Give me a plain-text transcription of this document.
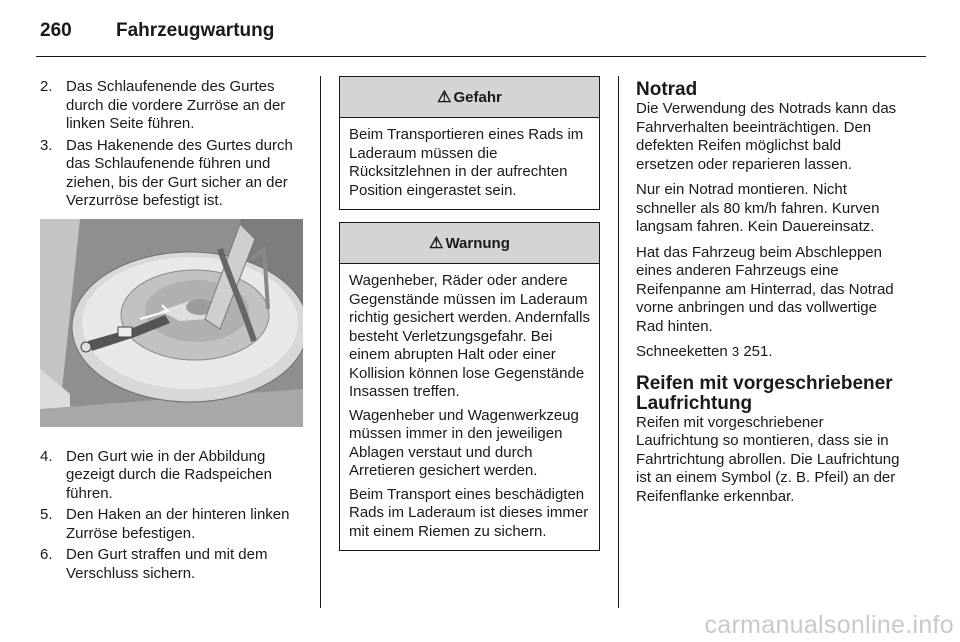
260	Fahrzeugwartung
2. Das Schlaufenende des Gurtes durch die vordere Zurröse an der linken Seite führen.
3. Das Hakenende des Gurtes durch das Schlaufenende führen und ziehen, bis der Gurt sicher an der Verzurröse befestigt ist.
4. Den Gurt wie in der Abbildung gezeigt durch die Radspeichen führen.
5. Den Haken an der hinteren linken Zurröse befestigen.
6. Den Gurt straffen und mit dem Verschluss sichern.
⚠ Gefahr

Beim Transportieren eines Rads im Laderaum müssen die Rücksitzlehnen in der aufrechten Position eingerastet sein.

⚠ Warnung

Wagenheber, Räder oder andere Gegenstände müssen im Laderaum richtig gesichert werden. Andernfalls besteht Verletzungsgefahr. Bei einem abrupten Halt oder einer Kollision können lose Gegenstände Insassen treffen.

Wagenheber und Wagenwerkzeug müssen immer in den jeweiligen Ablagen verstaut und durch Arretieren gesichert werden.

Beim Transport eines beschädigten Rads im Laderaum ist dieses immer mit einem Riemen zu sichern.

Notrad

Die Verwendung des Notrads kann das Fahrverhalten beeinträchtigen. Den defekten Reifen möglichst bald ersetzen oder reparieren lassen.

Nur ein Notrad montieren. Nicht schneller als 80 km/h fahren. Kurven langsam fahren. Kein Dauereinsatz.

Hat das Fahrzeug beim Abschleppen eines anderen Fahrzeugs eine Reifenpanne am Hinterrad, das Notrad vorne anbringen und das vollwertige Rad hinten.

Schneeketten 3 251.

Reifen mit vorgeschriebener Laufrichtung

Reifen mit vorgeschriebener Laufrichtung so montieren, dass sie in Fahrtrichtung abrollen. Die Laufrichtung ist an einem Symbol (z. B. Pfeil) an der Reifenflanke erkennbar.

carmanualsonline.info
